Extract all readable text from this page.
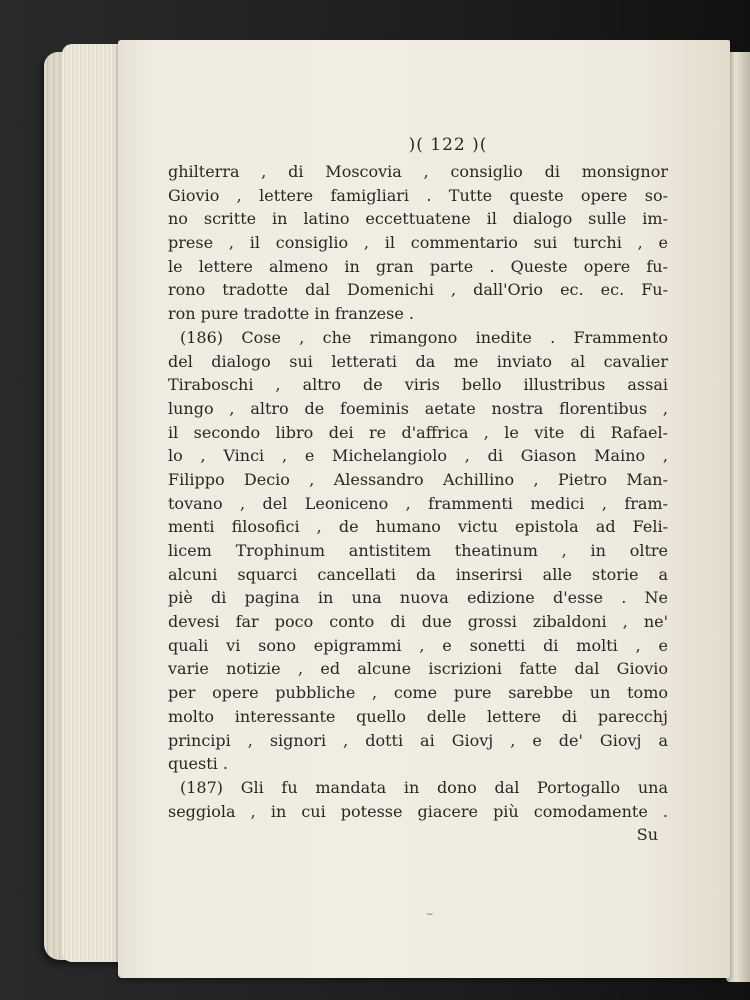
)( 122 )(
ghilterra , di Moscovia , consiglio di monsignor
Giovio , lettere famigliari . Tutte queste opere so-
no scritte in latino eccettuatene il dialogo sulle im-
prese , il consiglio , il commentario sui turchi , e
le lettere almeno in gran parte . Queste opere fu-
rono tradotte dal Domenichi , dall'Orio ec. ec. Fu-
ron pure tradotte in franzese .
(186) Cose , che rimangono inedite . Frammento
del dialogo sui letterati da me inviato al cavalier
Tiraboschi , altro de viris bello illustribus assai
lungo , altro de foeminis aetate nostra florentibus ,
il secondo libro dei re d'affrica , le vite di Rafael-
lo , Vinci , e Michelangiolo , di Giason Maino ,
Filippo Decio , Alessandro Achillino , Pietro Man-
tovano , del Leoniceno , frammenti medici , fram-
menti filosofici , de humano victu epistola ad Feli-
licem Trophinum antistitem theatinum , in oltre
alcuni squarci cancellati da inserirsi alle storie a
piè di pagina in una nuova edizione d'esse . Ne
devesi far poco conto di due grossi zibaldoni , ne'
quali vi sono epigrammi , e sonetti di molti , e
varie notizie , ed alcune iscrizioni fatte dal Giovio
per opere pubbliche , come pure sarebbe un tomo
molto interessante quello delle lettere di parecchj
principi , signori , dotti ai Giovj , e de' Giovj a
questi .
(187) Gli fu mandata in dono dal Portogallo una
seggiola , in cui potesse giacere più comodamente .
Su
~
